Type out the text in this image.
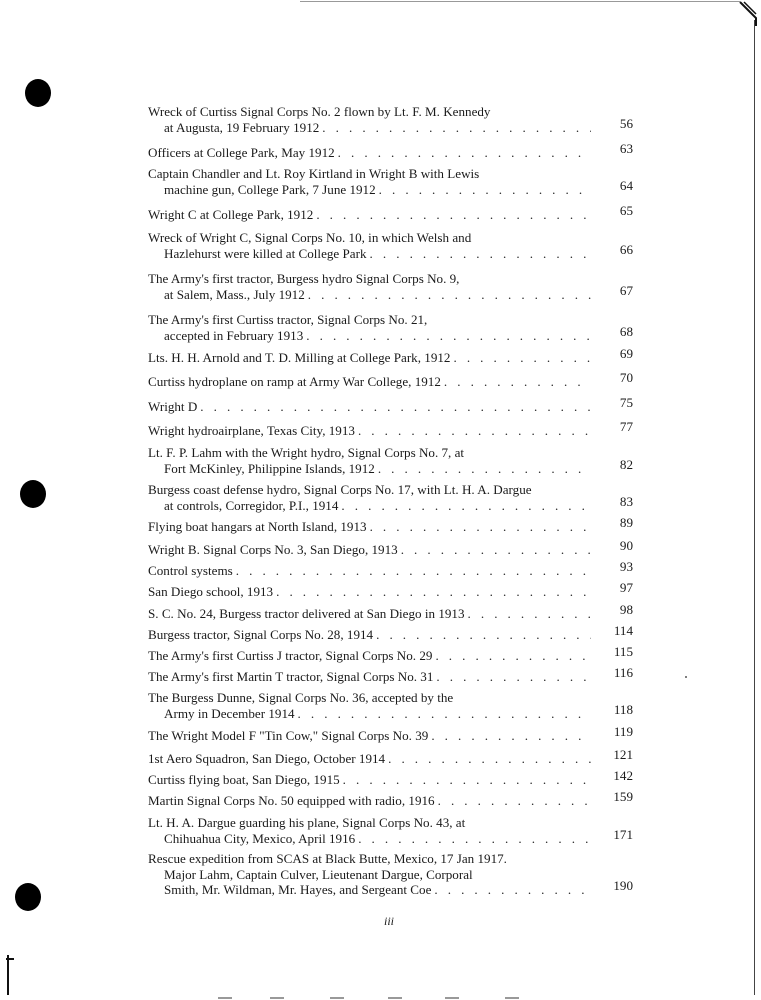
Wreck of Curtiss Signal Corps No. 2 flown by Lt. F. M. Kennedy
at Augusta, 19 February 1912 . . .	56
Officers at College Park, May 1912 . . .	63
Captain Chandler and Lt. Roy Kirtland in Wright B with Lewis
machine gun, College Park, 7 June 1912 . . .	64
Wright C at College Park, 1912 . . .	65
Wreck of Wright C, Signal Corps No. 10, in which Welsh and
Hazlehurst were killed at College Park . . .	66
The Army's first tractor, Burgess hydro Signal Corps No. 9,
at Salem, Mass., July 1912 . . .	67
The Army's first Curtiss tractor, Signal Corps No. 21,
accepted in February 1913 . . .	68
Lts. H. H. Arnold and T. D. Milling at College Park, 1912 . . .	69
Curtiss hydroplane on ramp at Army War College, 1912 . . .	70
Wright D . . .	75
Wright hydroairplane, Texas City, 1913 . . .	77
Lt. F. P. Lahm with the Wright hydro, Signal Corps No. 7, at
Fort McKinley, Philippine Islands, 1912 . . .	82
Burgess coast defense hydro, Signal Corps No. 17, with Lt. H. A. Dargue
at controls, Corregidor, P.I., 1914 . . .	83
Flying boat hangars at North Island, 1913 . . .	89
Wright B. Signal Corps No. 3, San Diego, 1913 . . .	90
Control systems . . .	93
San Diego school, 1913 . . .	97
S. C. No. 24, Burgess tractor delivered at San Diego in 1913 . . .	98
Burgess tractor, Signal Corps No. 28, 1914 . . .	114
The Army's first Curtiss J tractor, Signal Corps No. 29 . . .	115
The Army's first Martin T tractor, Signal Corps No. 31 . . .	116
The Burgess Dunne, Signal Corps No. 36, accepted by the
Army in December 1914 . . .	118
The Wright Model F "Tin Cow," Signal Corps No. 39 . . .	119
1st Aero Squadron, San Diego, October 1914 . . .	121
Curtiss flying boat, San Diego, 1915 . . .	142
Martin Signal Corps No. 50 equipped with radio, 1916 . . .	159
Lt. H. A. Dargue guarding his plane, Signal Corps No. 43, at
Chihuahua City, Mexico, April 1916 . . .	171
Rescue expedition from SCAS at Black Butte, Mexico, 17 Jan 1917.
Major Lahm, Captain Culver, Lieutenant Dargue, Corporal
Smith, Mr. Wildman, Mr. Hayes, and Sergeant Coe . . .	190
iii
